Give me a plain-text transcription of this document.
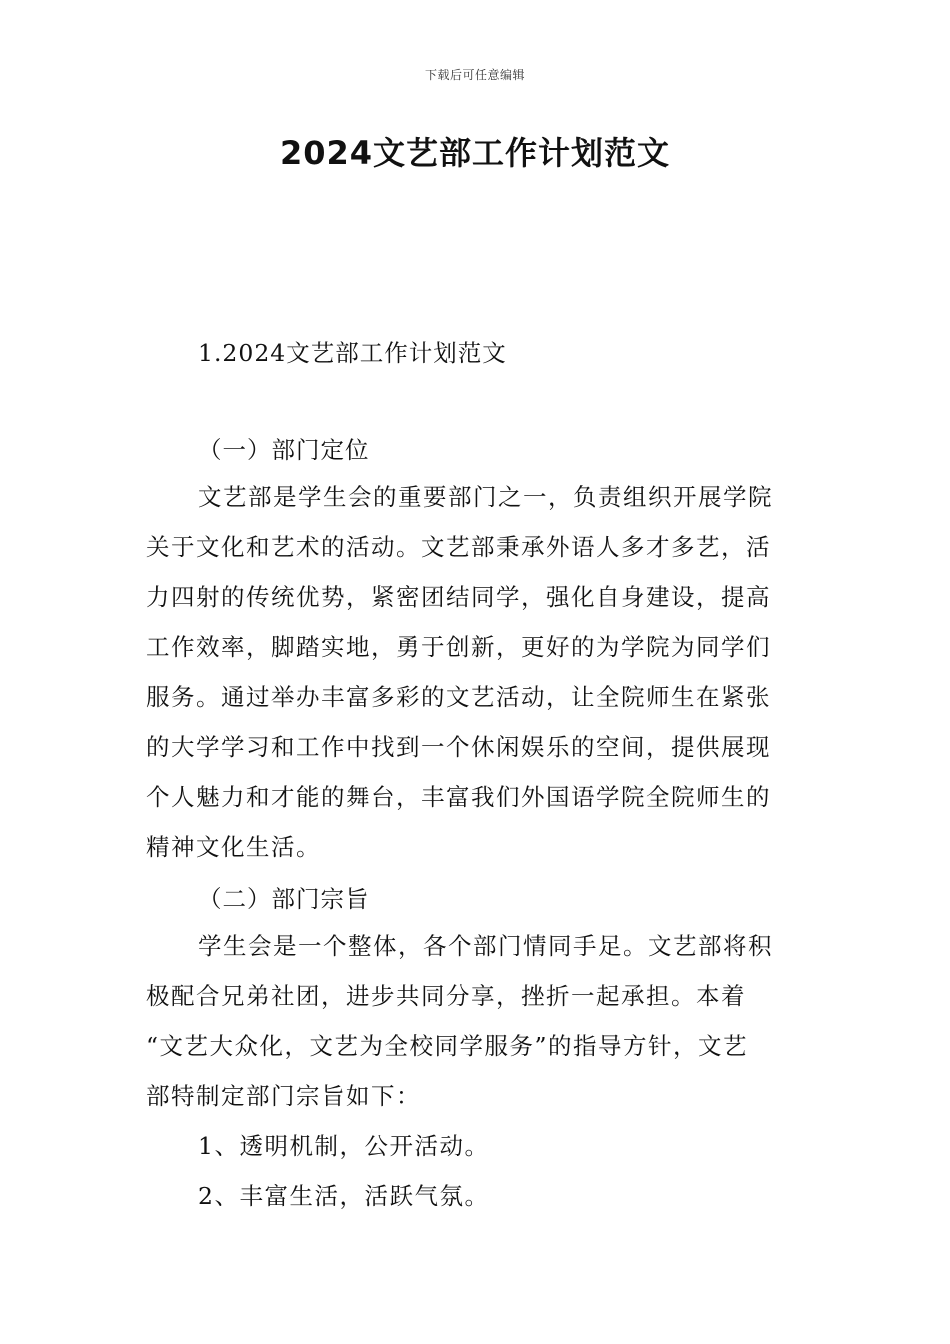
下载后可任意编辑
2024文艺部工作计划范文

1.2024文艺部工作计划范文

（一）部门定位

文艺部是学生会的重要部门之一，负责组织开展学院

关于文化和艺术的活动。文艺部秉承外语人多才多艺，活

力四射的传统优势，紧密团结同学，强化自身建设，提高

工作效率，脚踏实地，勇于创新，更好的为学院为同学们

服务。通过举办丰富多彩的文艺活动，让全院师生在紧张

的大学学习和工作中找到一个休闲娱乐的空间，提供展现

个人魅力和才能的舞台，丰富我们外国语学院全院师生的

精神文化生活。

（二）部门宗旨

学生会是一个整体，各个部门情同手足。文艺部将积

极配合兄弟社团，进步共同分享，挫折一起承担。本着

“文艺大众化，文艺为全校同学服务”的指导方针，文艺

部特制定部门宗旨如下：

1、透明机制，公开活动。

2、丰富生活，活跃气氛。
